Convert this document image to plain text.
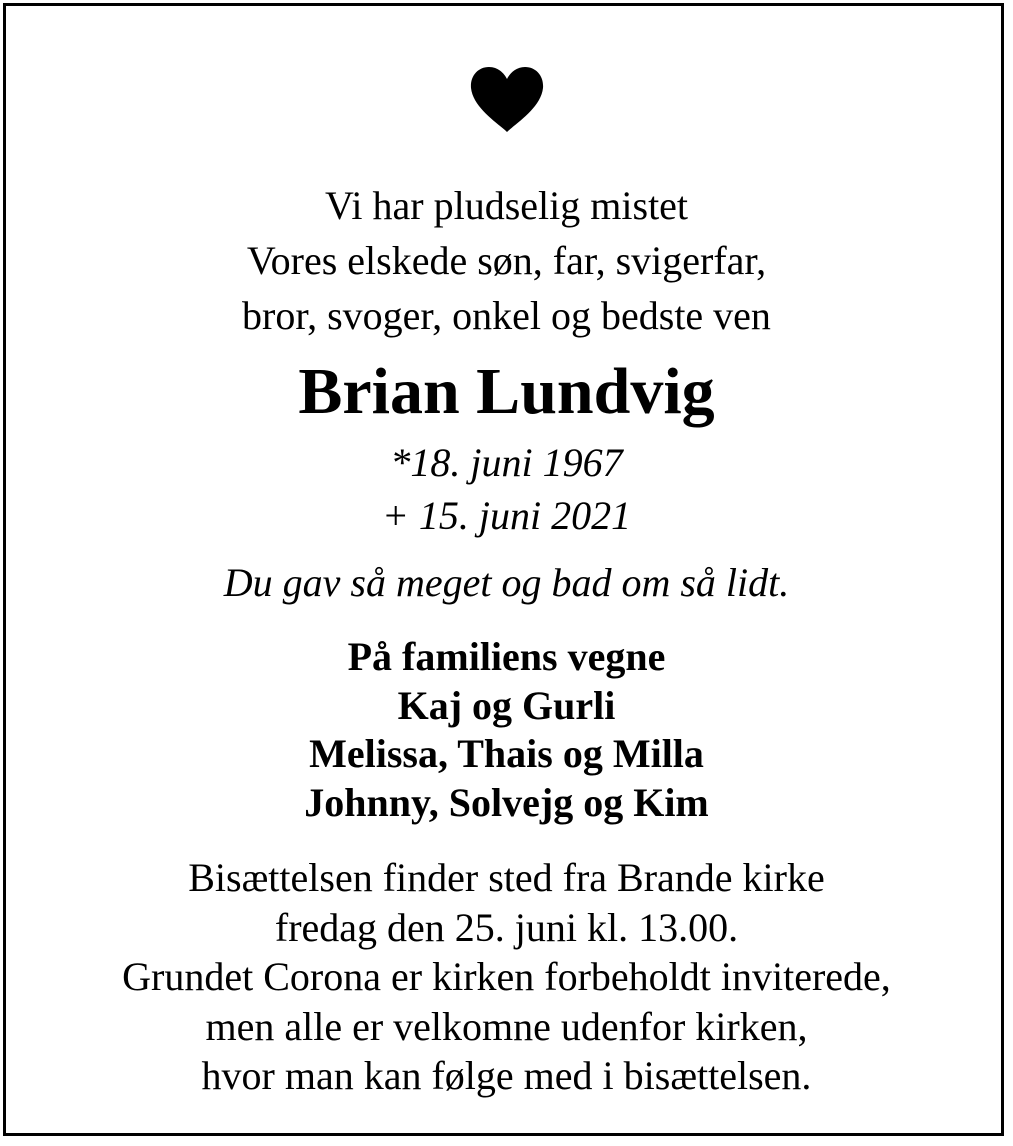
Vi har pludselig mistet
Vores elskede søn, far, svigerfar,
bror, svoger, onkel og bedste ven
Brian Lundvig
*18. juni 1967
+ 15. juni 2021
Du gav så meget og bad om så lidt.
På familiens vegne
Kaj og Gurli
Melissa, Thais og Milla
Johnny, Solvejg og Kim
Bisættelsen finder sted fra Brande kirke
fredag den 25. juni kl. 13.00.
Grundet Corona er kirken forbeholdt inviterede,
men alle er velkomne udenfor kirken,
hvor man kan følge med i bisættelsen.
